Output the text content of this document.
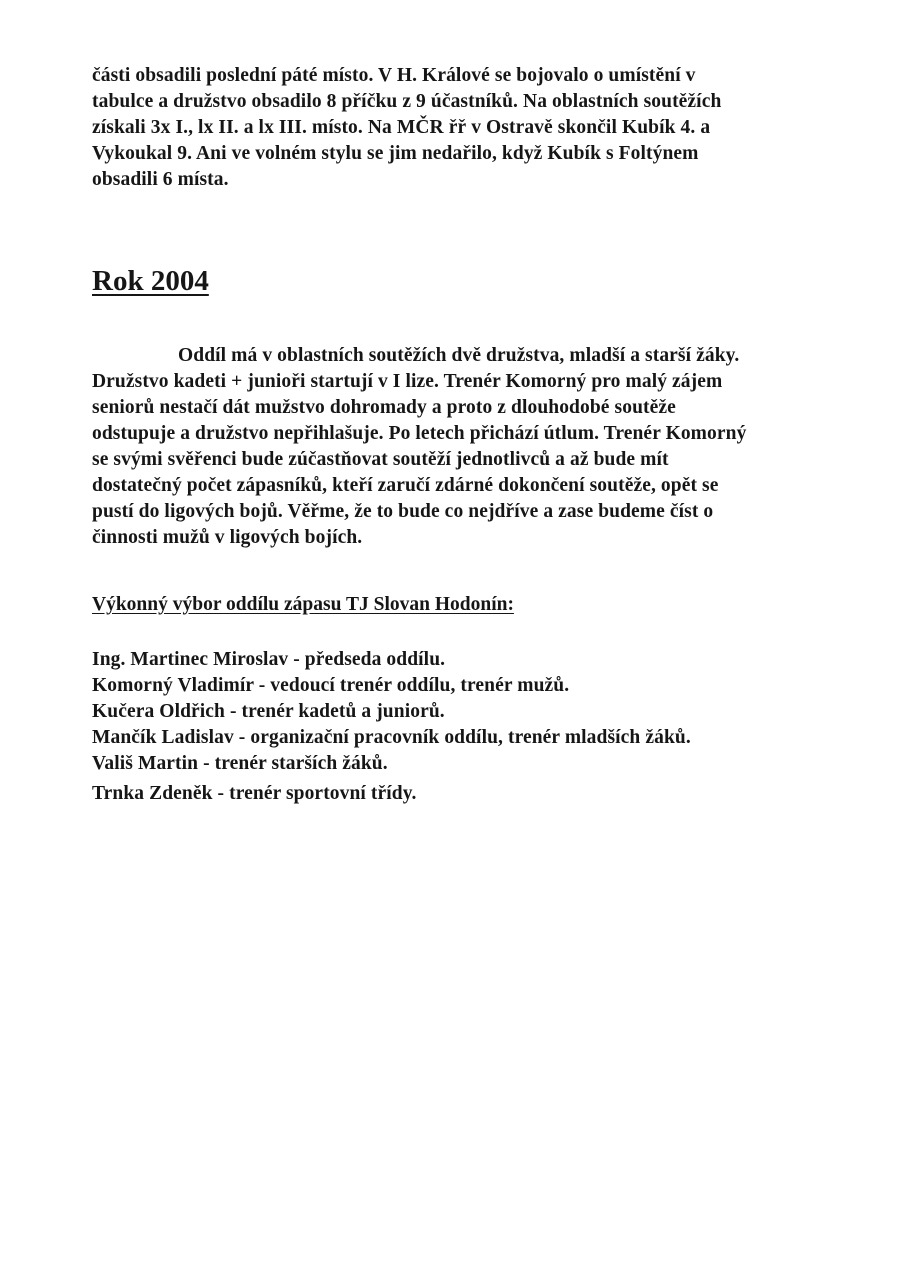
části obsadili poslední páté místo. V H. Králové se bojovalo o umístění v
tabulce a družstvo obsadilo 8 příčku z 9 účastníků. Na oblastních soutěžích
získali 3x I., lx II. a lx III. místo. Na MČR řř v Ostravě skončil Kubík 4. a
Vykoukal 9. Ani ve volném stylu se jim nedařilo, když Kubík s Foltýnem
obsadili 6 místa.
Rok 2004
Oddíl má v oblastních soutěžích dvě družstva, mladší a starší žáky.
Družstvo kadeti + junioři startují v I lize. Trenér Komorný pro malý zájem
seniorů nestačí dát mužstvo dohromady a proto z dlouhodobé soutěže
odstupuje a družstvo nepřihlašuje. Po letech přichází útlum. Trenér Komorný
se svými svěřenci bude zúčastňovat soutěží jednotlivců a až bude mít
dostatečný počet zápasníků, kteří zaručí zdárné dokončení soutěže, opět se
pustí do ligových bojů. Věřme, že to bude co nejdříve a zase budeme číst o
činnosti mužů v ligových bojích.
Výkonný výbor oddílu zápasu TJ Slovan Hodonín:
Ing. Martinec Miroslav - předseda oddílu.
Komorný Vladimír - vedoucí trenér oddílu, trenér mužů.
Kučera Oldřich - trenér kadetů a juniorů.
Mančík Ladislav - organizační pracovník oddílu, trenér mladších žáků.
Vališ Martin - trenér starších žáků.
Trnka Zdeněk - trenér sportovní třídy.
